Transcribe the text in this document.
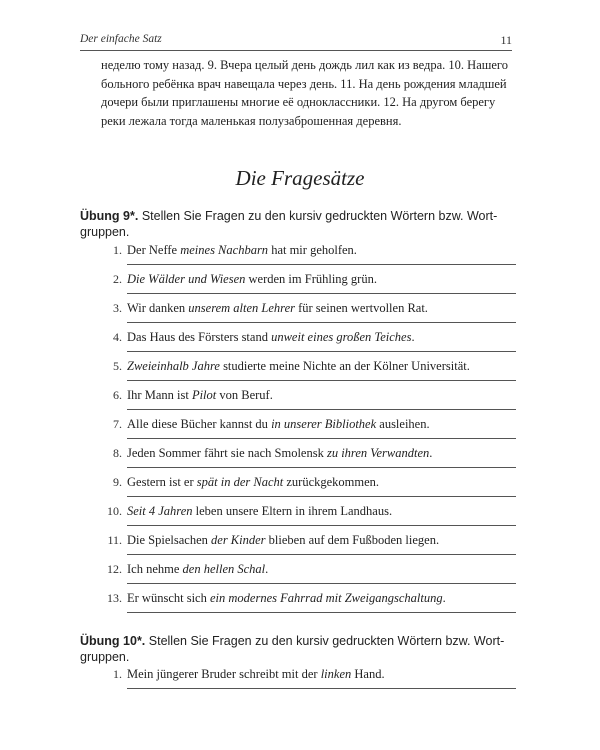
Der einfache Satz	11
неделю тому назад. 9. Вчера целый день дождь лил как из ведра. 10. Нашего
больного ребёнка врач навещала через день. 11. На день рождения младшей
дочери были приглашены многие её одноклассники. 12. На другом берегу
реки лежала тогда маленькая полузаброшенная деревня.
Die Fragesätze
Übung 9*. Stellen Sie Fragen zu den kursiv gedruckten Wörtern bzw. Wort-
gruppen.
1. Der Neffe meines Nachbarn hat mir geholfen.
2. Die Wälder und Wiesen werden im Frühling grün.
3. Wir danken unserem alten Lehrer für seinen wertvollen Rat.
4. Das Haus des Försters stand unweit eines großen Teiches.
5. Zweieinhalb Jahre studierte meine Nichte an der Kölner Universität.
6. Ihr Mann ist Pilot von Beruf.
7. Alle diese Bücher kannst du in unserer Bibliothek ausleihen.
8. Jeden Sommer fährt sie nach Smolensk zu ihren Verwandten.
9. Gestern ist er spät in der Nacht zurückgekommen.
10. Seit 4 Jahren leben unsere Eltern in ihrem Landhaus.
11. Die Spielsachen der Kinder blieben auf dem Fußboden liegen.
12. Ich nehme den hellen Schal.
13. Er wünscht sich ein modernes Fahrrad mit Zweigangschaltung.
Übung 10*. Stellen Sie Fragen zu den kursiv gedruckten Wörtern bzw. Wort-
gruppen.
1. Mein jüngerer Bruder schreibt mit der linken Hand.
